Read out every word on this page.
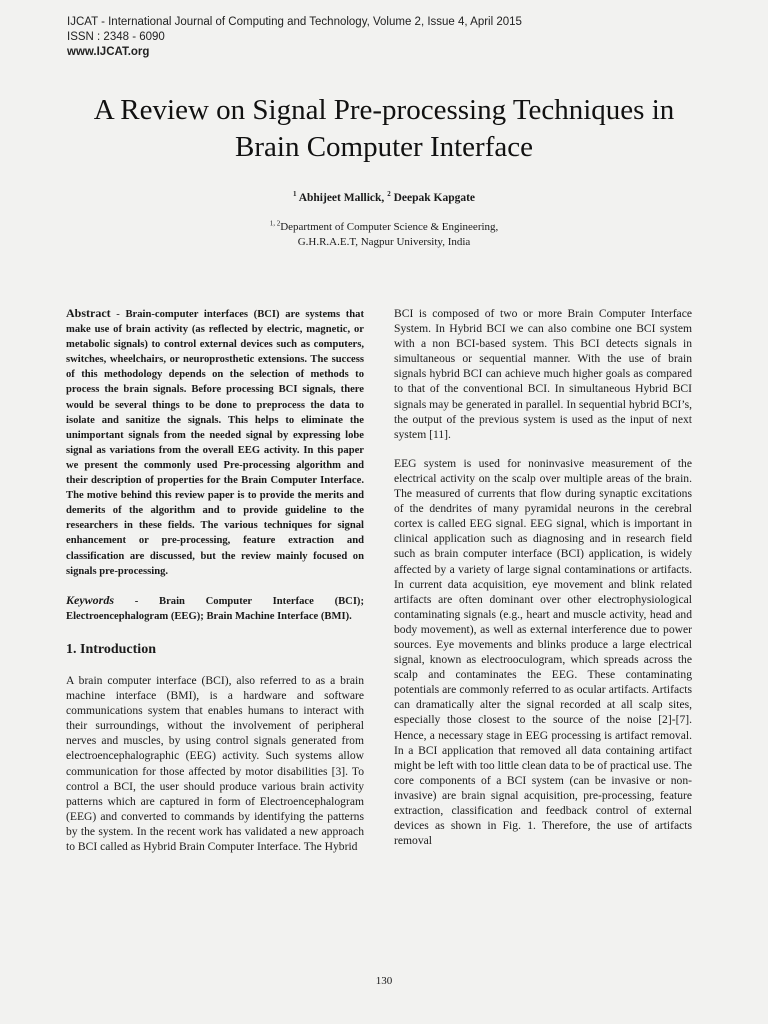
IJCAT - International Journal of Computing and Technology, Volume 2, Issue 4, April 2015
ISSN : 2348 - 6090
www.IJCAT.org
A Review on Signal Pre-processing Techniques in
Brain Computer Interface
$^1$ Abhijeet Mallick, $^2$ Deepak Kapgate
$^{1, 2}$Department of Computer Science & Engineering,
G.H.R.A.E.T, Nagpur University, India
Abstract - Brain-computer interfaces (BCI) are systems that make use of brain activity (as reflected by electric, magnetic, or metabolic signals) to control external devices such as computers, switches, wheelchairs, or neuroprosthetic extensions. The success of this methodology depends on the selection of methods to process the brain signals. Before processing BCI signals, there would be several things to be done to preprocess the data to isolate and sanitize the signals. This helps to eliminate the unimportant signals from the needed signal by expressing lobe signal as variations from the overall EEG activity. In this paper we present the commonly used Pre-processing algorithm and their description of properties for the Brain Computer Interface. The motive behind this review paper is to provide the merits and demerits of the algorithm and to provide guideline to the researchers in these fields. The various techniques for signal enhancement or pre-processing, feature extraction and classification are discussed, but the review mainly focused on signals pre-processing.
Keywords - Brain Computer Interface (BCI); Electroencephalogram (EEG); Brain Machine Interface (BMI).
1. Introduction

A brain computer interface (BCI), also referred to as a brain machine interface (BMI), is a hardware and software communications system that enables humans to interact with their surroundings, without the involvement of peripheral nerves and muscles, by using control signals generated from electroencephalographic (EEG) activity. Such systems allow communication for those affected by motor disabilities [3]. To control a BCI, the user should produce various brain activity patterns which are captured in form of Electroencephalogram (EEG) and converted to commands by identifying the patterns by the system. In the recent work has validated a new approach to BCI called as Hybrid Brain Computer Interface. The Hybrid

BCI is composed of two or more Brain Computer Interface System. In Hybrid BCI we can also combine one BCI system with a non BCI-based system. This BCI detects signals in simultaneous or sequential manner. With the use of brain signals hybrid BCI can achieve much higher goals as compared to that of the conventional BCI. In simultaneous Hybrid BCI signals may be generated in parallel. In sequential hybrid BCI’s, the output of the previous system is used as the input of next system [11].

EEG system is used for noninvasive measurement of the electrical activity on the scalp over multiple areas of the brain. The measured of currents that flow during synaptic excitations of the dendrites of many pyramidal neurons in the cerebral cortex is called EEG signal. EEG signal, which is important in clinical application such as diagnosing and in research field such as brain computer interface (BCI) application, is widely affected by a variety of large signal contaminations or artifacts. In current data acquisition, eye movement and blink related artifacts are often dominant over other electrophysiological contaminating signals (e.g., heart and muscle activity, head and body movement), as well as external interference due to power sources. Eye movements and blinks produce a large electrical signal, known as electrooculogram, which spreads across the scalp and contaminates the EEG. These contaminating potentials are commonly referred to as ocular artifacts. Artifacts can dramatically alter the signal recorded at all scalp sites, especially those closest to the source of the noise [2]-[7]. Hence, a necessary stage in EEG processing is artifact removal. In a BCI application that removed all data containing artifact might be left with too little clean data to be of practical use. The core components of a BCI system (can be invasive or non-invasive) are brain signal acquisition, pre-processing, feature extraction, classification and feedback control of external devices as shown in Fig. 1. Therefore, the use of artifacts removal

130
